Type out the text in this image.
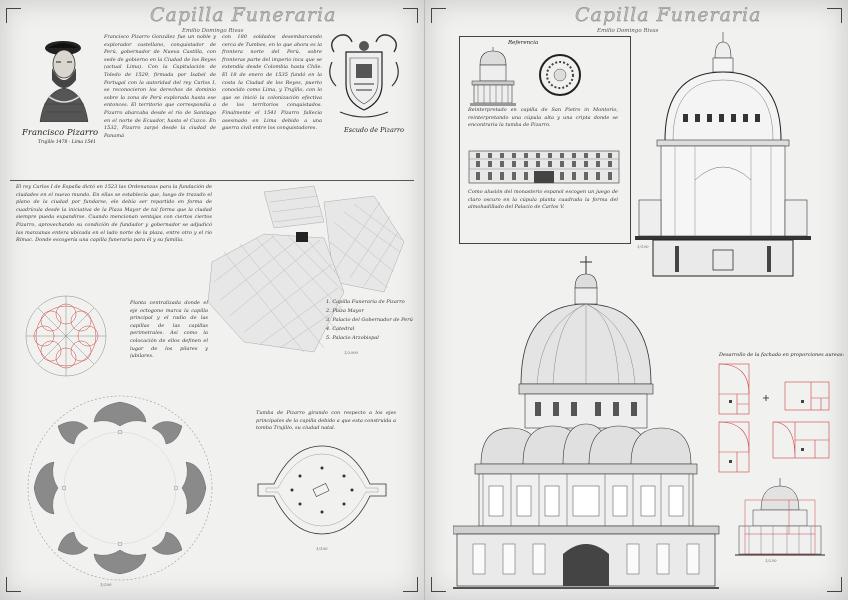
Capilla Funeraria
Emilio Domingo Rivas
Francisco Pizarro
Trujillo 1478 · Lima 1541
Francisco Pizarro González fue un noble y explorador castellano, conquistador de Perú, gobernador de Nueva Castilla, con sede de gobierno en la Ciudad de los Reyes (actual Lima). Con la Capitulación de Toledo de 1529, firmada por Isabel de Portugal con la autoridad del rey Carlos I, se reconocieron los derechos de dominio sobre la zona de Perú explorada hasta ese entonces. El territorio que correspondía a Pizarro abarcaba desde el río de Santiago en el norte de Ecuador, hasta el Cuzco. En 1532, Pizarro zarpó desde la ciudad de Panamá
con 180 soldados desembarcando cerca de Tumbes, en lo que ahora es la frontera norte del Perú, sobre fronteras parte del imperio inca que se extendía desde Colombia hasta Chile. El 18 de enero de 1535 fundó en la costa la Ciudad de los Reyes, puerto conocido como Lima, y Trujillo, con lo que se inició la colonización efectiva de los territorios conquistados. Finalmente el 1541 Pizarro fallecía asesinado en Lima debido a una guerra civil entre los conquistadores.	Escudo de Pizarro
El rey Carlos I de España dictó en 1523 las Ordenanzas para la fundación de ciudades en el nuevo mundo. En ellas se establecía que, luego de trazado el plano de la ciudad por fundarse, ele debía ser repartido en forma de cuadrícula desde la iniciativa de la Plaza Mayor de tal forma que la ciudad siempre pueda expandirse. Cuando mencionan ventajas con ciertos ciertos Pizarro, aprovechando su condición de fundador y gobernador se adjudicó las manzanas entera ubicada en el lado norte de la plaza, entre otro y el río Rímac. Donde escogería una capilla funeraria para él y su familia.
1. Capilla Funeraria de Pizarro
2. Plaza Mayor
3. Palacio del Gobernador de Perú
4. Catedral
5. Palacio Arzobispal
1/2000
Planta centralizada donde el eje octogono marca la capilla principal y el radio de las capillas de las capillas perimetrales. Así como la colocación de ellos definen el lugar de los pilares y jubilares.
1/100
Tumba de Pizarro girando con respecto a los ejes principales de la capilla debido a que esta construida a tomba Trujillo, su ciudad natal.
1/100
Capilla Funeraria
Emilio Domingo Rivas
Referencia
Reinterpretado en capilla de San Pietro in Montorio, reinterpretando una cúpula alta y una cripta donde se encontraria la tumba de Pizarro.
Como alusión del monasterio espanol escogen un juego de claro oscuro en la cúpula planta cuadrada la forma del almohadillado del Palacio de Carlos V.
1/100
Desarrollo de la fachada en proporciones aureas:
1/250
